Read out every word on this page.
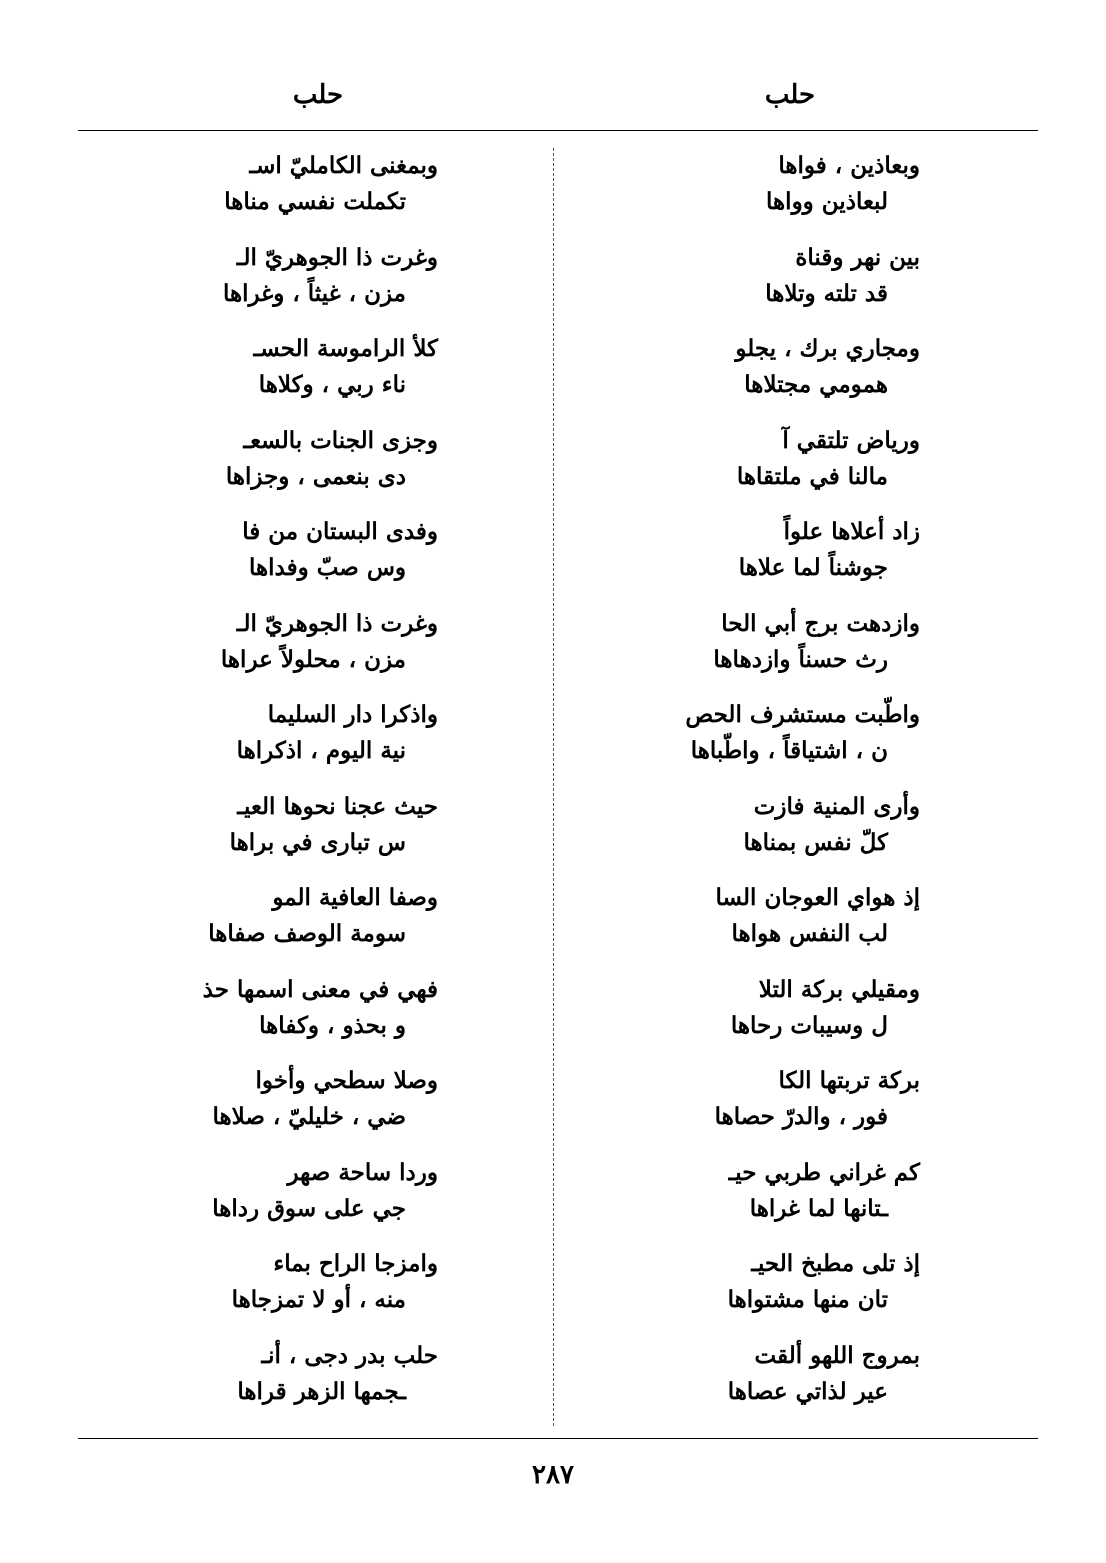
حلب
حلب
وبعاذين ، فواها
لبعاذين وواها
بين نهر وقناة
قد تلته وتلاها
ومجاري برك ، يجلو
همومي مجتلاها
ورياض تلتقي آ
مالنا في ملتقاها
زاد أعلاها علواً
جوشناً لما علاها
وازدهت برج أبي الحا
رث حسناً وازدهاها
واطّبت مستشرف الحص
ن ، اشتياقاً ، واطّباها
وأرى المنية فازت
كلّ نفس بمناها
إذ هواي العوجان السا
لب النفس هواها
ومقيلي بركة التلا
ل وسيبات رحاها
بركة تربتها الكا
فور ، والدرّ حصاها
كم غراني طربي حيـ
ـتانها لما غراها
إذ تلى مطبخ الحيـ
تان منها مشتواها
بمروج اللهو ألقت
عير لذاتي عصاها
وبمغنى الكامليّ اسـ
تكملت نفسي مناها
وغرت ذا الجوهريّ الـ
مزن ، غيثاً ، وغراها
كلأ الراموسة الحسـ
ناء ربي ، وكلاها
وجزى الجنات بالسعـ
دى بنعمى ، وجزاها
وفدى البستان من فا
وس صبّ وفداها
وغرت ذا الجوهريّ الـ
مزن ، محلولاً عراها
واذكرا دار السليما
نية اليوم ، اذكراها
حيث عجنا نحوها العيـ
س تبارى في براها
وصفا العافية المو
سومة الوصف صفاها
فهي في معنى اسمها حذ
و بحذو ، وكفاها
وصلا سطحي وأخوا
ضي ، خليليّ ، صلاها
وردا ساحة صهر
جي على سوق رداها
وامزجا الراح بماء
منه ، أو لا تمزجاها
حلب بدر دجى ، أنـ
ـجمها الزهر قراها
٢٨٧
